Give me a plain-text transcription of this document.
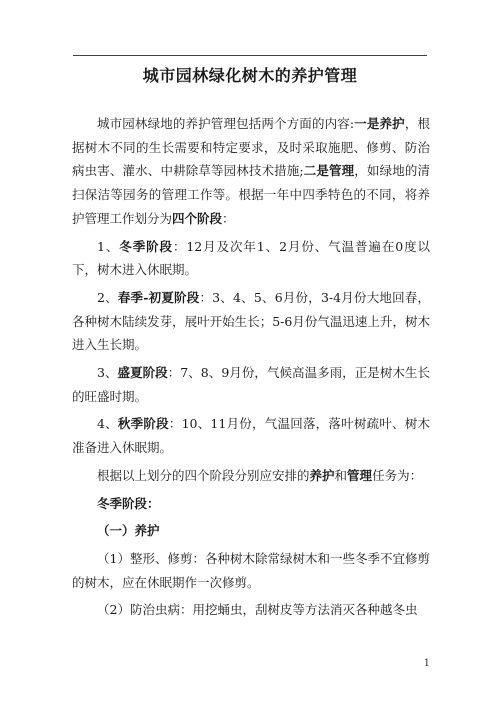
城市园林绿化树木的养护管理

城市园林绿地的养护管理包括两个方面的内容:一是养护，根据树木不同的生长需要和特定要求，及时采取施肥、修剪、防治病虫害、灌水、中耕除草等园林技术措施;二是管理，如绿地的清扫保洁等园务的管理工作等。根据一年中四季特色的不同，将养护管理工作划分为四个阶段：

1、冬季阶段：12月及次年1、2月份、气温普遍在0度以下，树木进入休眠期。

2、春季-初夏阶段：3、4、5、6月份，3-4月份大地回春，各种树木陆续发芽，展叶开始生长；5-6月份气温迅速上升，树木进入生长期。

3、盛夏阶段：7、8、9月份，气候高温多雨，正是树木生长的旺盛时期。

4、秋季阶段：10、11月份，气温回落，落叶树疏叶、树木准备进入休眠期。

根据以上划分的四个阶段分别应安排的养护和管理任务为：

冬季阶段：

（一）养护

（1）整形、修剪：各种树木除常绿树木和一些冬季不宜修剪的树木，应在休眠期作一次修剪。

（2）防治虫病：用挖蛹虫，刮树皮等方法消灭各种越冬虫

1
